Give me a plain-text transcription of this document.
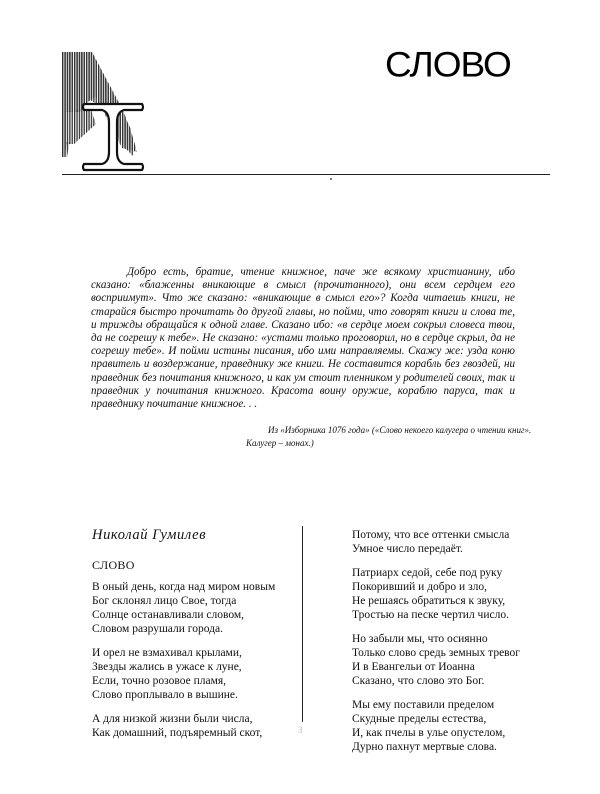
СЛОВО

Добро есть, братие, чтение книжное, паче же всякому христианину, ибо сказано: «блаженны вникающие в смысл (прочитанного), они всем сердцем его восприимут». Что же сказано: «вникающие в смысл его»? Когда читаешь книги, не старайся быстро прочитать до другой главы, но пойми, что говорят книги и слова те, и трижды обращайся к одной главе. Сказано ибо: «в сердце моем сокрыл словеса твои, да не согрешу к тебе». Не сказано: «устами только проговорил, но в сердце скрыл, да не согрешу тебе». И пойми истины писания, ибо ими направляемы. Скажу же: узда коню правитель и воздержание, праведнику же книги. Не составится корабль без гвоздей, ни праведник без почитания книжного, и как ум стоит пленником у родителей своих, так и праведник у почитания книжного. Красота воину оружие, кораблю паруса, так и праведнику почитание книжное. . .

Из «Изборника 1076 года» («Слово некоего калугера о чтении книг». Калугер – монах.)

Николай Гумилев
СЛОВО
В оный день, когда над миром новым
Бог склонял лицо Свое, тогда
Солнце останавливали словом,
Словом разрушали города.
И орел не взмахивал крылами,
Звезды жались в ужасе к луне,
Если, точно розовое пламя,
Слово проплывало в вышине.
А для низкой жизни были числа,
Как домашний, подъяремный скот,
Потому, что все оттенки смысла
Умное число передаёт.
Патриарх седой, себе под руку
Покоривший и добро и зло,
Не решаясь обратиться к звуку,
Тростью на песке чертил число.
Но забыли мы, что осиянно
Только слово средь земных тревог
И в Евангельи от Иоанна
Сказано, что слово это Бог.
Мы ему поставили пределом
Скудные пределы естества,
И, как пчелы в улье опустелом,
Дурно пахнут мертвые слова.
3
